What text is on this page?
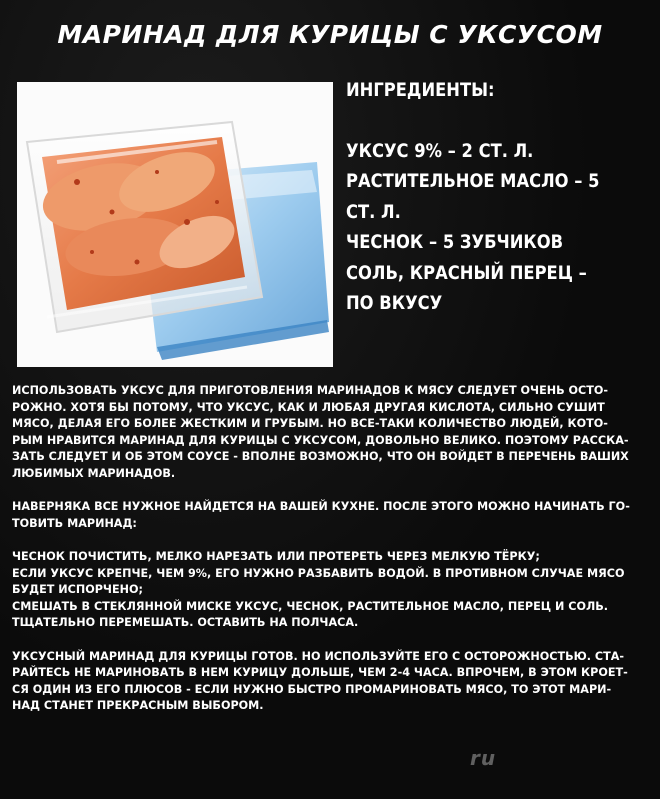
МАРИНАД ДЛЯ КУРИЦЫ С УКСУСОМ
ИНГРЕДИЕНТЫ:
УКСУС 9% – 2 СТ. Л.
РАСТИТЕЛЬНОЕ МАСЛО – 5
СТ. Л.
ЧЕСНОК – 5 ЗУБЧИКОВ
СОЛЬ, КРАСНЫЙ ПЕРЕЦ –
ПО ВКУСУ
ИСПОЛЬЗОВАТЬ УКСУС ДЛЯ ПРИГОТОВЛЕНИЯ МАРИНАДОВ К МЯСУ СЛЕДУЕТ ОЧЕНЬ ОСТО-
РОЖНО. ХОТЯ БЫ ПОТОМУ, ЧТО УКСУС, КАК И ЛЮБАЯ ДРУГАЯ КИСЛОТА, СИЛЬНО СУШИТ
МЯСО, ДЕЛАЯ ЕГО БОЛЕЕ ЖЕСТКИМ И ГРУБЫМ. НО ВСЕ-ТАКИ КОЛИЧЕСТВО ЛЮДЕЙ, КОТО-
РЫМ НРАВИТСЯ МАРИНАД ДЛЯ КУРИЦЫ С УКСУСОМ, ДОВОЛЬНО ВЕЛИКО. ПОЭТОМУ РАССКА-
ЗАТЬ СЛЕДУЕТ И ОБ ЭТОМ СОУСЕ - ВПОЛНЕ ВОЗМОЖНО, ЧТО ОН ВОЙДЕТ В ПЕРЕЧЕНЬ ВАШИХ
ЛЮБИМЫХ МАРИНАДОВ.
НАВЕРНЯКА ВСЕ НУЖНОЕ НАЙДЕТСЯ НА ВАШЕЙ КУХНЕ. ПОСЛЕ ЭТОГО МОЖНО НАЧИНАТЬ ГО-
ТОВИТЬ МАРИНАД:
ЧЕСНОК ПОЧИСТИТЬ, МЕЛКО НАРЕЗАТЬ ИЛИ ПРОТЕРЕТЬ ЧЕРЕЗ МЕЛКУЮ ТЁРКУ;
ЕСЛИ УКСУС КРЕПЧЕ, ЧЕМ 9%, ЕГО НУЖНО РАЗБАВИТЬ ВОДОЙ. В ПРОТИВНОМ СЛУЧАЕ МЯСО
БУДЕТ ИСПОРЧЕНО;
СМЕШАТЬ В СТЕКЛЯННОЙ МИСКЕ УКСУС, ЧЕСНОК, РАСТИТЕЛЬНОЕ МАСЛО, ПЕРЕЦ И СОЛЬ.
ТЩАТЕЛЬНО ПЕРЕМЕШАТЬ. ОСТАВИТЬ НА ПОЛЧАСА.
УКСУСНЫЙ МАРИНАД ДЛЯ КУРИЦЫ ГОТОВ. НО ИСПОЛЬЗУЙТЕ ЕГО С ОСТОРОЖНОСТЬЮ. СТА-
РАЙТЕСЬ НЕ МАРИНОВАТЬ В НЕМ КУРИЦУ ДОЛЬШЕ, ЧЕМ 2-4 ЧАСА. ВПРОЧЕМ, В ЭТОМ КРОЕТ-
СЯ ОДИН ИЗ ЕГО ПЛЮСОВ - ЕСЛИ НУЖНО БЫСТРО ПРОМАРИНОВАТЬ МЯСО, ТО ЭТОТ МАРИ-
НАД СТАНЕТ ПРЕКРАСНЫМ ВЫБОРОМ.
ru
